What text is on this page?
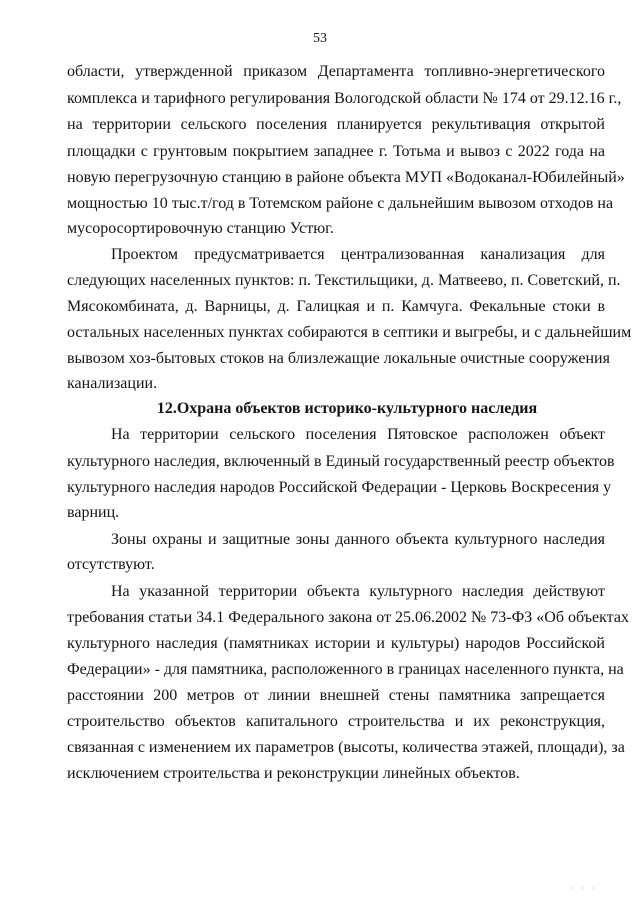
53
области, утвержденной приказом Департамента топливно-энергетического
комплекса и тарифного регулирования Вологодской области № 174 от 29.12.16 г.,
на территории сельского поселения планируется рекультивация открытой
площадки с грунтовым покрытием западнее г. Тотьма и вывоз с 2022 года на
новую перегрузочную станцию в районе объекта МУП «Водоканал-Юбилейный»
мощностью 10 тыс.т/год в Тотемском районе с дальнейшим вывозом отходов на
мусоросортировочную станцию Устюг.
Проектом предусматривается централизованная канализация для
следующих населенных пунктов: п. Текстильщики, д. Матвеево, п. Советский, п.
Мясокомбината, д. Варницы, д. Галицкая и п. Камчуга. Фекальные стоки в
остальных населенных пунктах собираются в септики и выгребы, и с дальнейшим
вывозом хоз-бытовых стоков на близлежащие локальные очистные сооружения
канализации.
12.Охрана объектов историко-культурного наследия
На территории сельского поселения Пятовское расположен объект
культурного наследия, включенный в Единый государственный реестр объектов
культурного наследия народов Российской Федерации - Церковь Воскресения у
варниц.
Зоны охраны и защитные зоны данного объекта культурного наследия
отсутствуют.
На указанной территории объекта культурного наследия действуют
требования статьи 34.1 Федерального закона от 25.06.2002 № 73-ФЗ «Об объектах
культурного наследия (памятниках истории и культуры) народов Российской
Федерации» - для памятника, расположенного в границах населенного пункта, на
расстоянии 200 метров от линии внешней стены памятника запрещается
строительство объектов капитального строительства и их реконструкция,
связанная с изменением их параметров (высоты, количества этажей, площади), за
исключением строительства и реконструкции линейных объектов.
· · ·
